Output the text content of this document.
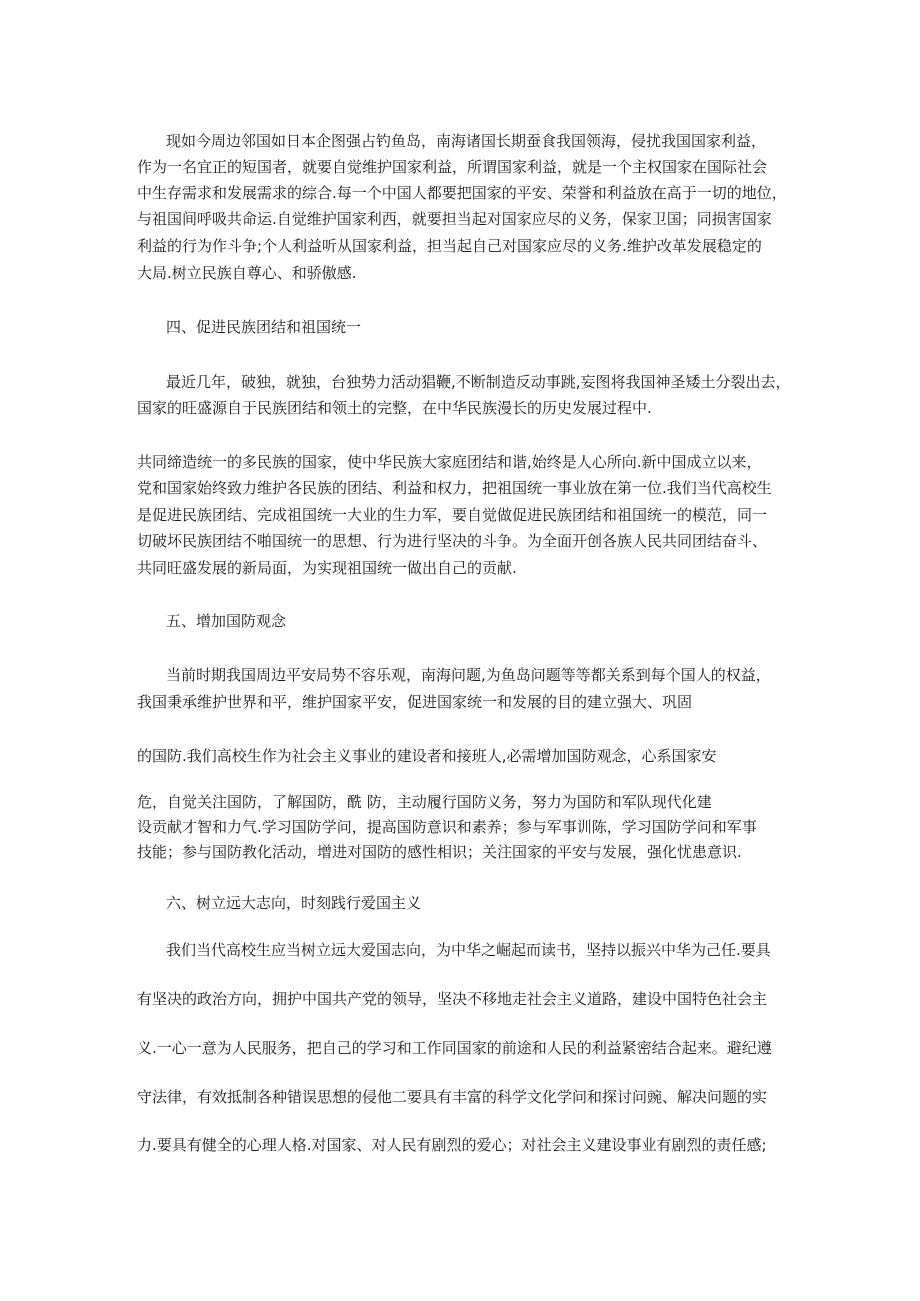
现如今周边邻国如日本企图强占钓鱼岛，南海诸国长期蚕食我国领海，侵扰我国国家利益，
作为一名宜正的短国者，就要自觉维护国家利益，所谓国家利益，就是一个主权国家在国际社会
中生存需求和发展需求的综合.每一个中国人都要把国家的平安、荣誉和利益放在高于一切的地位，
与祖国间呼吸共命运.自觉维护国家利西，就要担当起对国家应尽的义务，保家卫国；同损害国家
利益的行为作斗争;个人利益听从国家利益，担当起自己对国家应尽的义务.维护改革发展稳定的
大局.树立民族自尊心、和骄傲感.
四、促进民族团结和祖国统一
最近几年，破独，就独，台独势力活动猖鞭,不断制造反动事跳,妄图将我国神圣矮土分裂出去，
国家的旺盛源自于民族团结和领土的完整，在中华民族漫长的历史发展过程中.
共同缔造统一的多民族的国家，使中华民族大家庭团结和谐,始终是人心所向.新中国成立以来，
党和国家始终致力维护各民族的团结、利益和权力，把祖国统一事业放在第一位.我们当代高校生
是促进民族团结、完成祖国统一大业的生力军，要自觉做促进民族团结和祖国统一的模范，同一
切破坏民族团结不啪国统一的思想、行为进行坚决的斗争。为全面开创各族人民共同团结奋斗、
共同旺盛发展的新局面，为实现祖国统一做出自己的贡献.
五、增加国防观念
当前时期我国周边平安局势不容乐观，南海问题,为鱼岛问题等等都关系到每个国人的权益，
我国秉承维护世界和平，维护国家平安，促进国家统一和发展的目的建立强大、巩固
的国防.我们高校生作为社会主义事业的建设者和接班人,必需增加国防观念，心系国家安
危，自觉关注国防，了解国防，酰 防，主动履行国防义务，努力为国防和军队现代化建
设贡献才智和力气.学习国防学问，提高国防意识和素养；参与军事训陈，学习国防学问和军事
技能；参与国防教化活动，增进对国防的感性相识；关注国家的平安与发展，强化忧患意识.
六、树立远大志向，时刻践行爱国主义
我们当代高校生应当树立远大爱国志向，为中华之崛起而读书，坚持以振兴中华为己任.要具
有坚决的政治方向，拥护中国共产党的领导，坚决不移地走社会主义道路，建设中国特色社会主
义.一心一意为人民服务，把自己的学习和工作同国家的前途和人民的利益紧密结合起来。避纪遵
守法律，有效抵制各种错误思想的侵他二要具有丰富的科学文化学问和探讨问豌、解决问题的实
力.要具有健全的心理人格.对国家、对人民有剧烈的爱心；对社会主义建设事业有剧烈的责任感;
